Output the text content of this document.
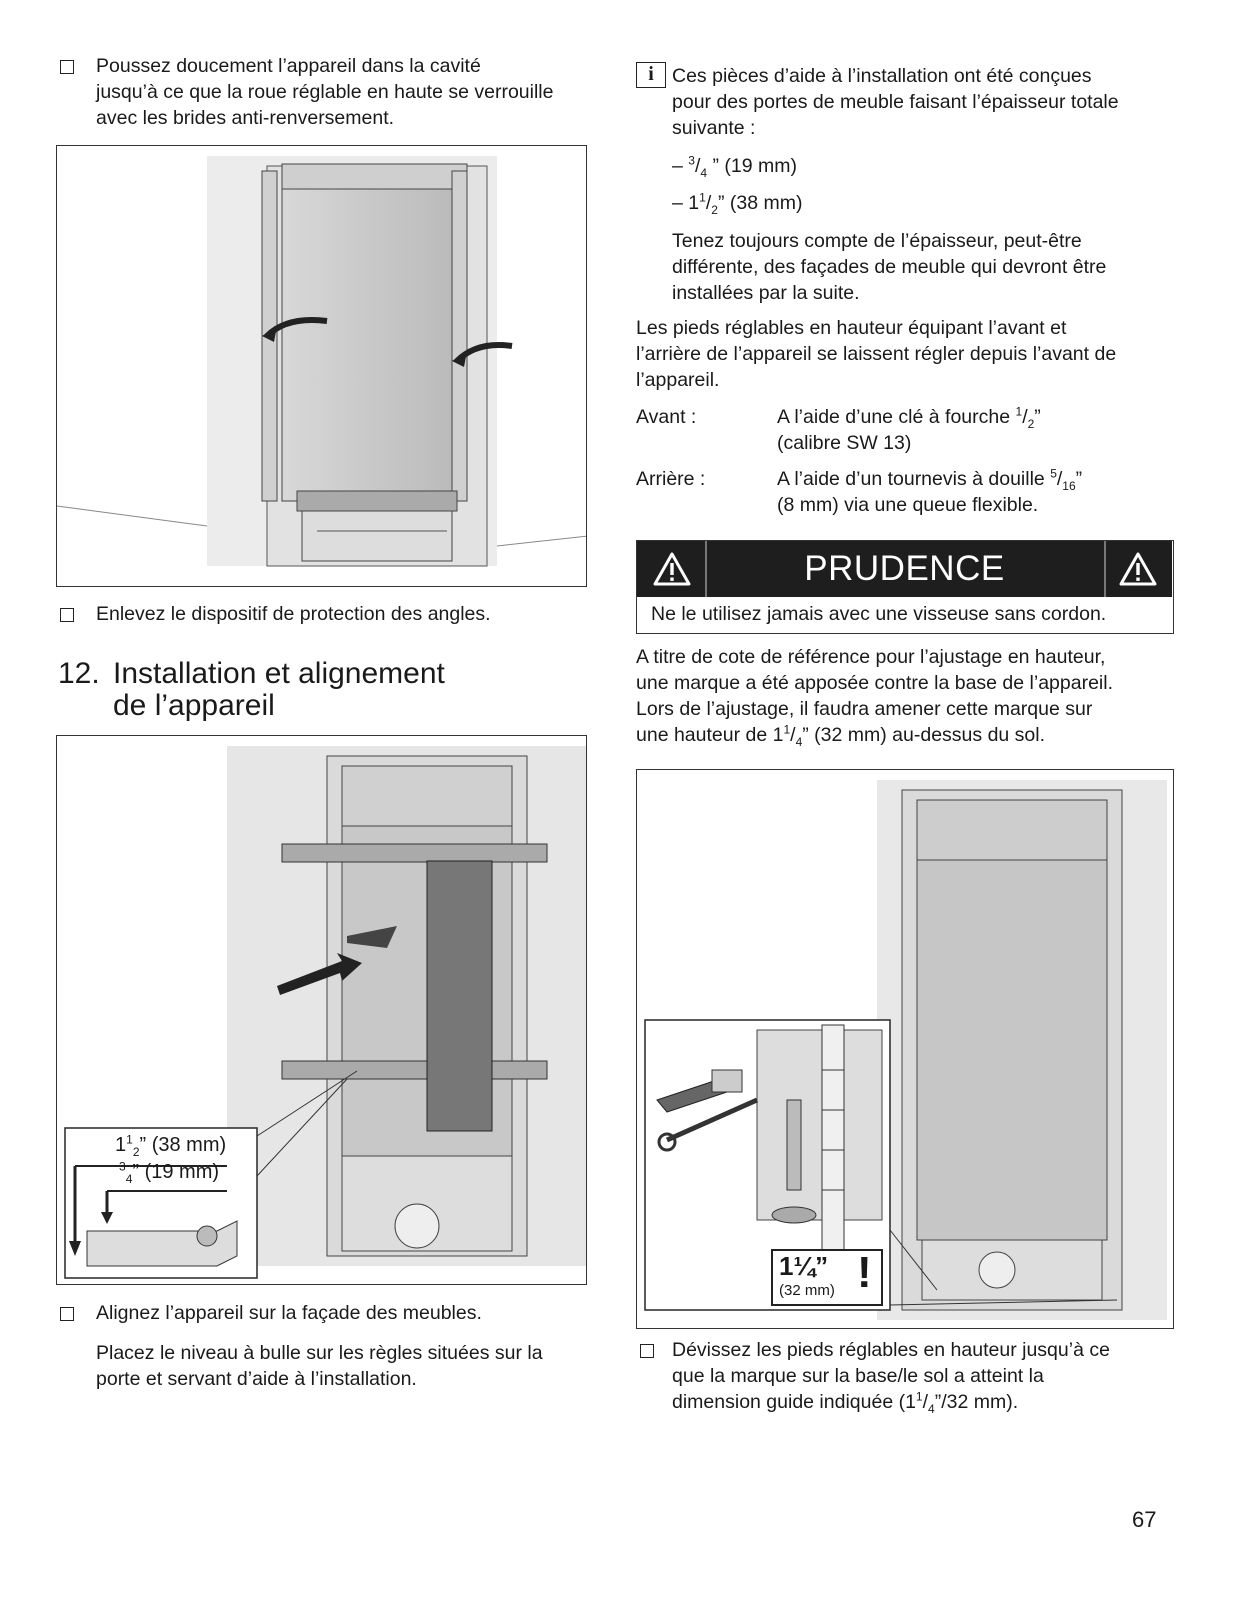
Poussez doucement l’appareil dans la cavité
jusqu’à ce que la roue réglable en haute se verrouille
avec les brides anti-renversement.
Enlevez le dispositif de protection des angles.
12. Installation et alignement
de l’appareil
$1^1_2$” (38 mm)
$^3_4$” (19 mm)
Alignez l’appareil sur la façade des meubles.
Placez le niveau à bulle sur les règles situées sur la
porte et servant d’aide à l’installation.
i Ces pièces d’aide à l’installation ont été conçues
pour des portes de meuble faisant l’épaisseur totale
suivante :
– $^3/_4$ ” (19 mm)
– $1^1/_2$” (38 mm)
Tenez toujours compte de l’épaisseur, peut-être
différente, des façades de meuble qui devront être
installées par la suite.
Les pieds réglables en hauteur équipant l’avant et
l’arrière de l’appareil se laissent régler depuis l’avant de
l’appareil.
Avant :	A l’aide d’une clé à fourche $^1/_2$”
(calibre SW 13)
Arrière :	A l’aide d’un tournevis à douille $^5/_{16}$”
(8 mm) via une queue flexible.
PRUDENCE
Ne le utilisez jamais avec une visseuse sans cordon.
A titre de cote de référence pour l’ajustage en hauteur,
une marque a été apposée contre la base de l’appareil.
Lors de l’ajustage, il faudra amener cette marque sur
une hauteur de $1^1/_4$” (32 mm) au-dessus du sol.
1¼”
(32 mm) !
Dévissez les pieds réglables en hauteur jusqu’à ce
que la marque sur la base/le sol a atteint la
dimension guide indiquée ($1^1/_4”/32$ mm).
67
